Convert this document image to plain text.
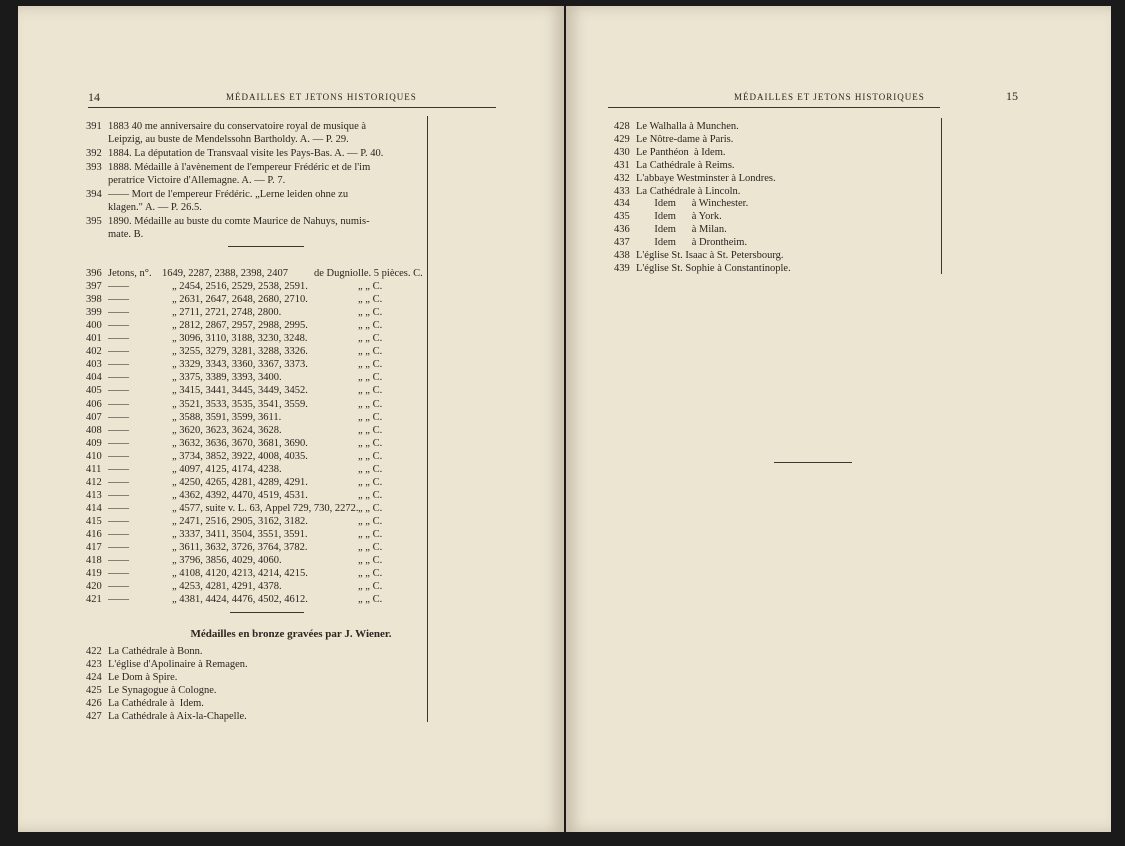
14	MÉDAILLES ET JETONS HISTORIQUES
391 1883 40 me anniversaire du conservatoire royal de musique à
Leipzig, au buste de Mendelssohn Bartholdy. A. — P. 29.
392 1884. La députation de Transvaal visite les Pays-Bas. A. — P. 40.
393 1888. Médaille à l'avènement de l'empereur Frédéric et de l'im
peratrice Victoire d'Allemagne. A. — P. 7.
394 —— Mort de l'empereur Frédéric. „Lerne leiden ohne zu
klagen." A. — P. 26.5.
395 1890. Médaille au buste du comte Maurice de Nahuys, numis-
mate. B.
396 Jetons, n°. 1649, 2287, 2388, 2398, 2407 de Dugniolle. 5 pièces. C.
397 ——	„ 2454, 2516, 2529, 2538, 2591.	„ „ C.
398 ——	„ 2631, 2647, 2648, 2680, 2710.	„ „ C.
399 ——	„ 2711, 2721, 2748, 2800.	„ „ C.
400 ——	„ 2812, 2867, 2957, 2988, 2995.	„ „ C.
401 ——	„ 3096, 3110, 3188, 3230, 3248.	„ „ C.
402 ——	„ 3255, 3279, 3281, 3288, 3326.	„ „ C.
403 ——	„ 3329, 3343, 3360, 3367, 3373.	„ „ C.
404 ——	„ 3375, 3389, 3393, 3400.	„ „ C.
405 ——	„ 3415, 3441, 3445, 3449, 3452.	„ „ C.
406 ——	„ 3521, 3533, 3535, 3541, 3559.	„ „ C.
407 ——	„ 3588, 3591, 3599, 3611.	„ „ C.
408 ——	„ 3620, 3623, 3624, 3628.	„ „ C.
409 ——	„ 3632, 3636, 3670, 3681, 3690.	„ „ C.
410 ——	„ 3734, 3852, 3922, 4008, 4035.	„ „ C.
411 ——	„ 4097, 4125, 4174, 4238.	„ „ C.
412 ——	„ 4250, 4265, 4281, 4289, 4291.	„ „ C.
413 ——	„ 4362, 4392, 4470, 4519, 4531.	„ „ C.
414 ——	„ 4577, suite v. L. 63, Appel 729, 730, 2272. „ „ C.
415 ——	„ 2471, 2516, 2905, 3162, 3182.	„ „ C.
416 ——	„ 3337, 3411, 3504, 3551, 3591.	„ „ C.
417 ——	„ 3611, 3632, 3726, 3764, 3782.	„ „ C.
418 ——	„ 3796, 3856, 4029, 4060.	„ „ C.
419 ——	„ 4108, 4120, 4213, 4214, 4215.	„ „ C.
420 ——	„ 4253, 4281, 4291, 4378.	„ „ C.
421 ——	„ 4381, 4424, 4476, 4502, 4612.	„ „ C.
Médailles en bronze gravées par J. Wiener.
422 La Cathédrale à Bonn.
423 L'église d'Apolinaire à Remagen.
424 Le Dom à Spire.
425 Le Synagogue à Cologne.
426 La Cathédrale à  Idem.
427 La Cathédrale à Aix-la-Chapelle.
MÉDAILLES ET JETONS HISTORIQUES	15
428 Le Walhalla à Munchen.
429 Le Nôtre-dame à Paris.
430 Le Panthéon  à Idem.
431 La Cathédrale à Reims.
432 L'abbaye Westminster à Londres.
433 La Cathédrale à Lincoln.
434 Idem      à Winchester.
435 Idem      à York.
436 Idem      à Milan.
437 Idem      à Drontheim.
438 L'église St. Isaac à St. Petersbourg.
439 L'église St. Sophie à Constantinople.
